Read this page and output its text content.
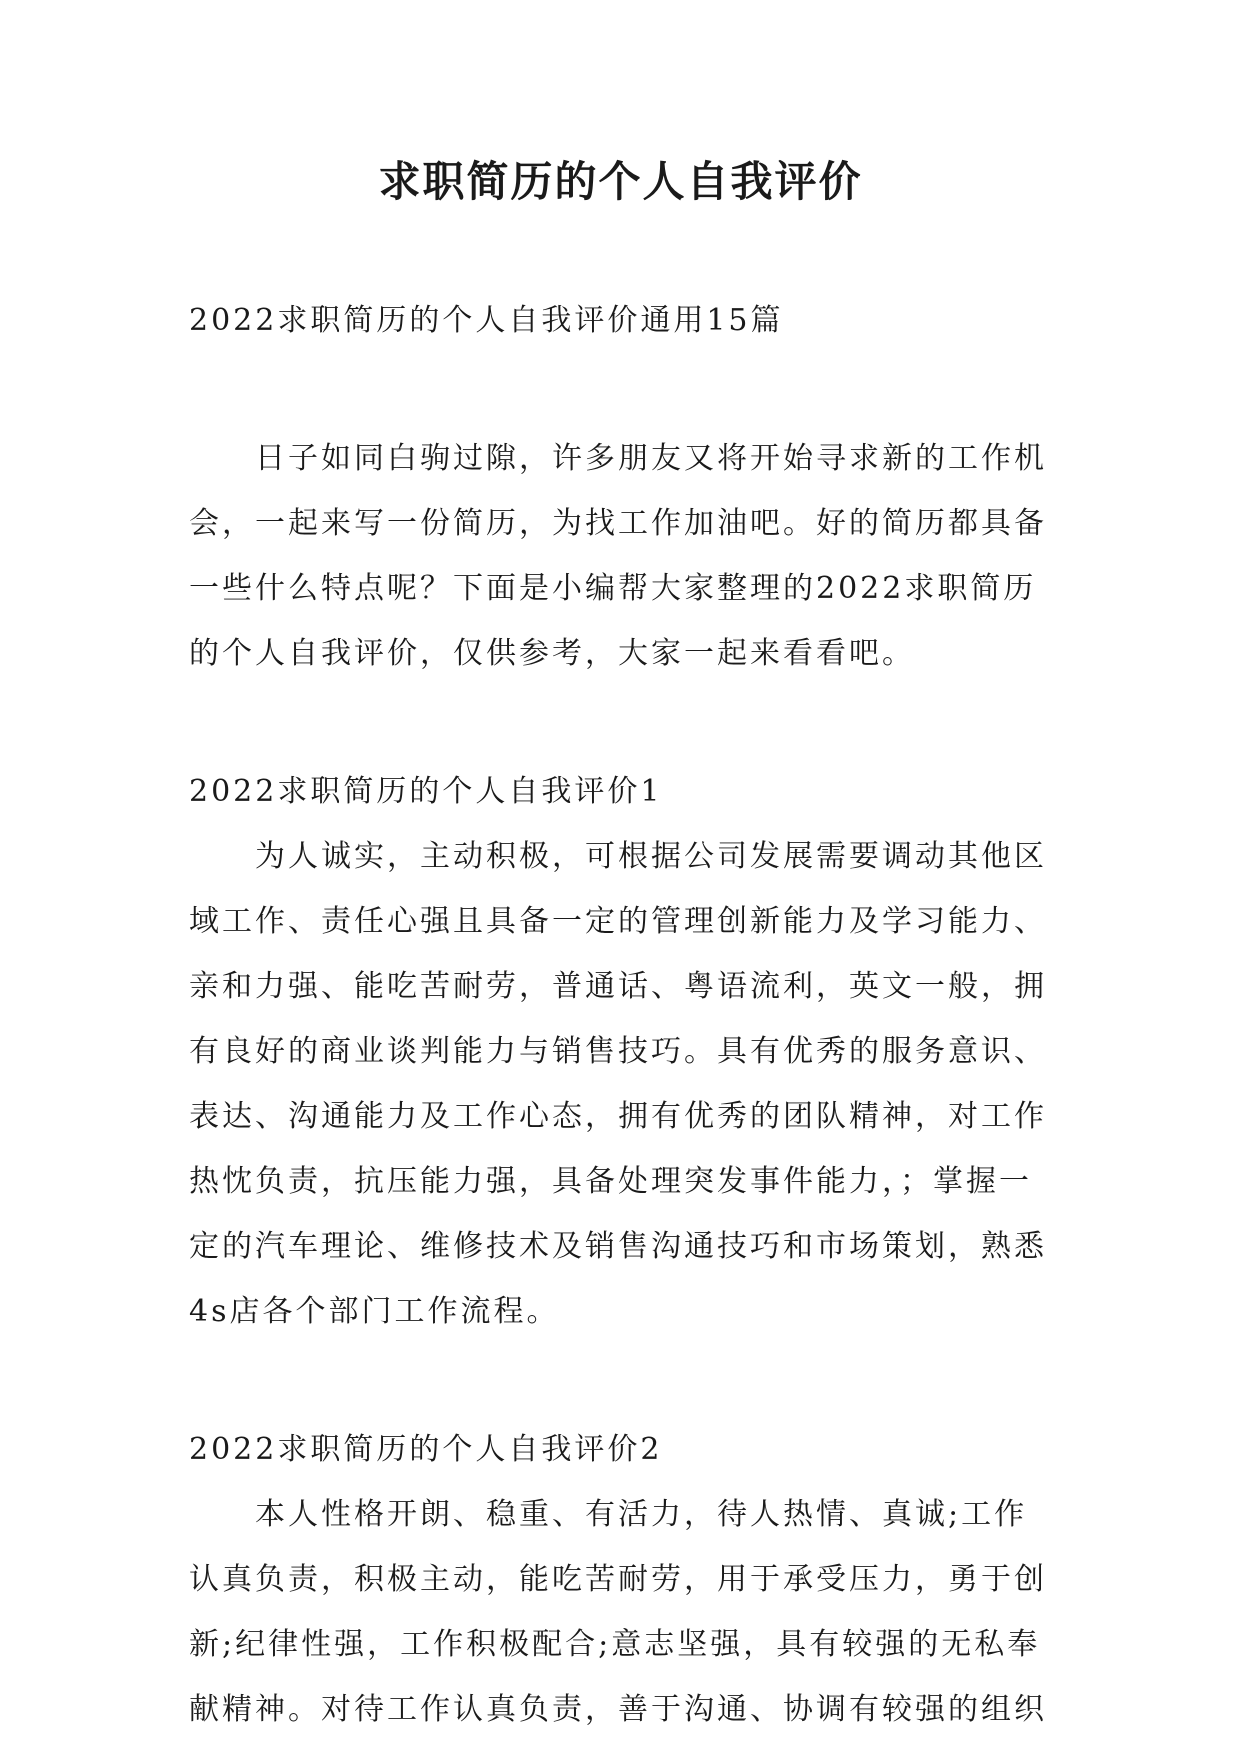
求职简历的个人自我评价
2022求职简历的个人自我评价通用15篇
日子如同白驹过隙，许多朋友又将开始寻求新的工作机
会，一起来写一份简历，为找工作加油吧。好的简历都具备
一些什么特点呢？下面是小编帮大家整理的2022求职简历
的个人自我评价，仅供参考，大家一起来看看吧。
2022求职简历的个人自我评价1
为人诚实，主动积极，可根据公司发展需要调动其他区
域工作、责任心强且具备一定的管理创新能力及学习能力、
亲和力强、能吃苦耐劳，普通话、粤语流利，英文一般，拥
有良好的商业谈判能力与销售技巧。具有优秀的服务意识、
表达、沟通能力及工作心态，拥有优秀的团队精神，对工作
热忱负责，抗压能力强，具备处理突发事件能力，；掌握一
定的汽车理论、维修技术及销售沟通技巧和市场策划，熟悉
4s店各个部门工作流程。
2022求职简历的个人自我评价2
本人性格开朗、稳重、有活力，待人热情、真诚;工作
认真负责，积极主动，能吃苦耐劳，用于承受压力，勇于创
新;纪律性强，工作积极配合;意志坚强，具有较强的无私奉
献精神。对待工作认真负责，善于沟通、协调有较强的组织
